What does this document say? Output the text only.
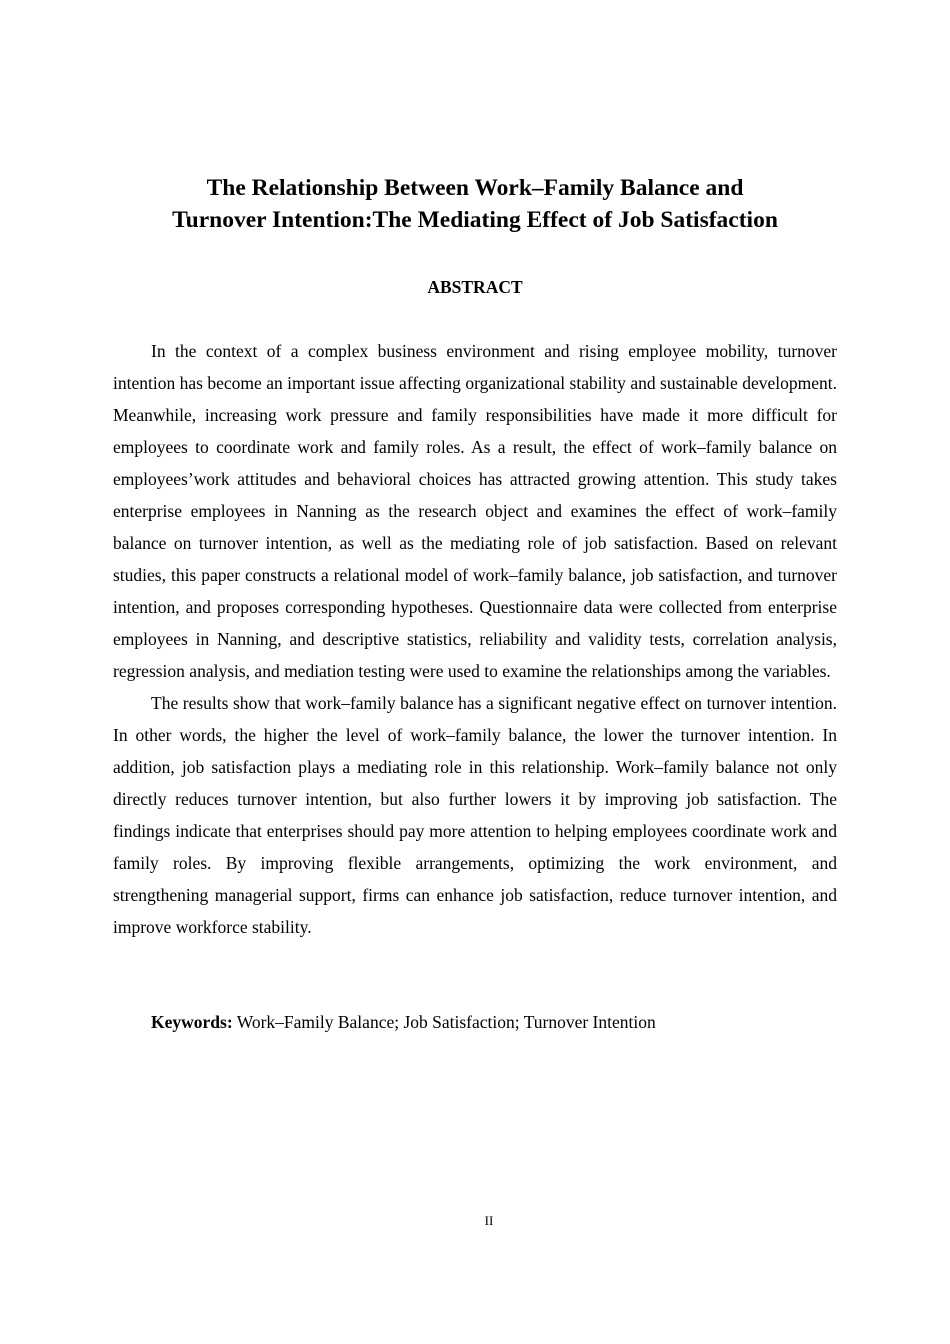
The Relationship Between Work–Family Balance and
Turnover Intention:The Mediating Effect of Job Satisfaction
ABSTRACT

In the context of a complex business environment and rising employee mobility, turnover intention has become an important issue affecting organizational stability and sustainable development. Meanwhile, increasing work pressure and family responsibilities have made it more difficult for employees to coordinate work and family roles. As a result, the effect of work–family balance on employees’work attitudes and behavioral choices has attracted growing attention. This study takes enterprise employees in Nanning as the research object and examines the effect of work–family balance on turnover intention, as well as the mediating role of job satisfaction. Based on relevant studies, this paper constructs a relational model of work–family balance, job satisfaction, and turnover intention, and proposes corresponding hypotheses. Questionnaire data were collected from enterprise employees in Nanning, and descriptive statistics, reliability and validity tests, correlation analysis, regression analysis, and mediation testing were used to examine the relationships among the variables.

The results show that work–family balance has a significant negative effect on turnover intention. In other words, the higher the level of work–family balance, the lower the turnover intention. In addition, job satisfaction plays a mediating role in this relationship. Work–family balance not only directly reduces turnover intention, but also further lowers it by improving job satisfaction. The findings indicate that enterprises should pay more attention to helping employees coordinate work and family roles. By improving flexible arrangements, optimizing the work environment, and strengthening managerial support, firms can enhance job satisfaction, reduce turnover intention, and improve workforce stability.

Keywords: Work–Family Balance; Job Satisfaction; Turnover Intention

II
